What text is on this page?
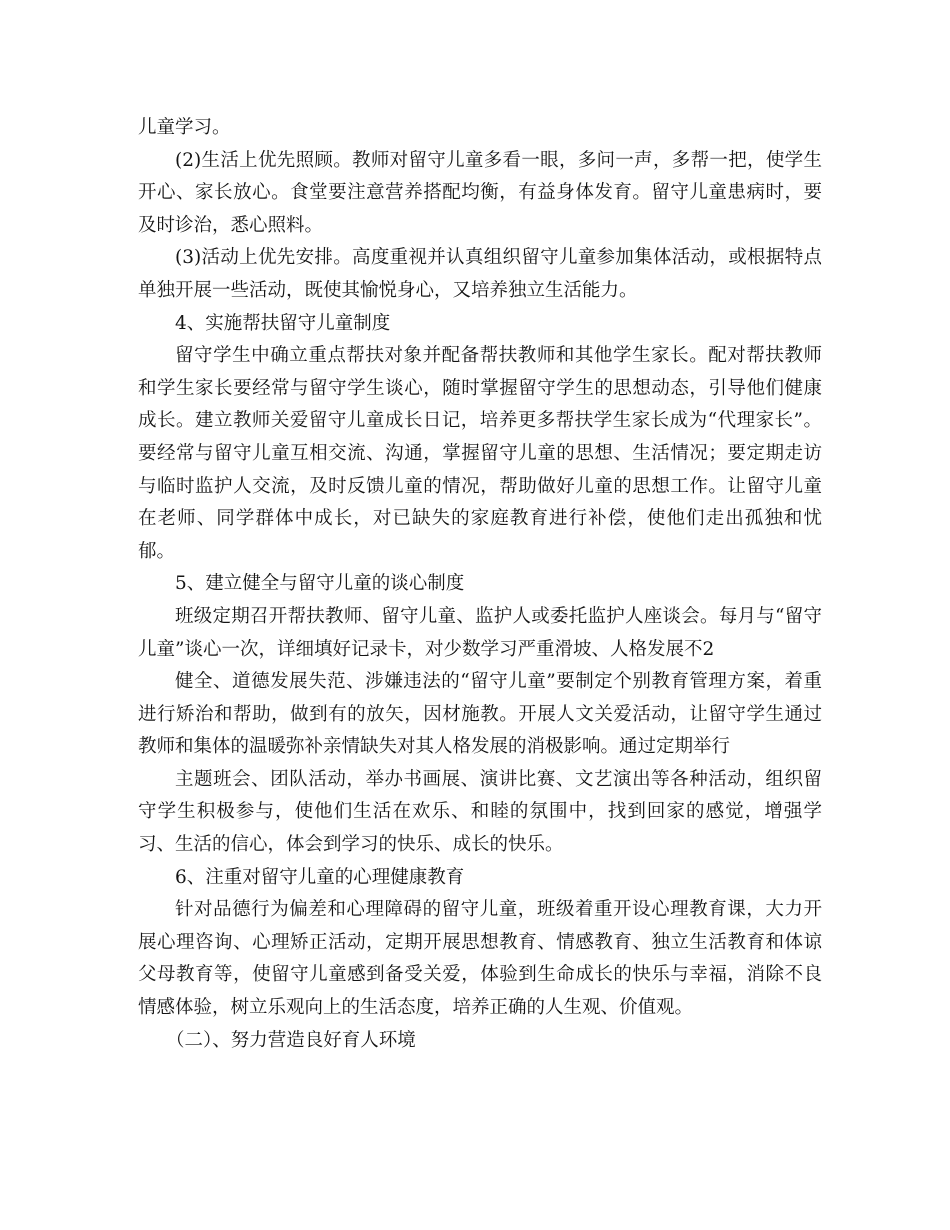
儿童学习。

(2)生活上优先照顾。教师对留守儿童多看一眼，多问一声，多帮一把，使学生开心、家长放心。食堂要注意营养搭配均衡，有益身体发育。留守儿童患病时，要及时诊治，悉心照料。

(3)活动上优先安排。高度重视并认真组织留守儿童参加集体活动，或根据特点单独开展一些活动，既使其愉悦身心，又培养独立生活能力。

4、实施帮扶留守儿童制度

留守学生中确立重点帮扶对象并配备帮扶教师和其他学生家长。配对帮扶教师和学生家长要经常与留守学生谈心，随时掌握留守学生的思想动态，引导他们健康成长。建立教师关爱留守儿童成长日记，培养更多帮扶学生家长成为“代理家长”。要经常与留守儿童互相交流、沟通，掌握留守儿童的思想、生活情况；要定期走访与临时监护人交流，及时反馈儿童的情况，帮助做好儿童的思想工作。让留守儿童在老师、同学群体中成长，对已缺失的家庭教育进行补偿，使他们走出孤独和忧郁。

5、建立健全与留守儿童的谈心制度

班级定期召开帮扶教师、留守儿童、监护人或委托监护人座谈会。每月与“留守儿童”谈心一次，详细填好记录卡，对少数学习严重滑坡、人格发展不2

健全、道德发展失范、涉嫌违法的“留守儿童”要制定个别教育管理方案，着重进行矫治和帮助，做到有的放矢，因材施教。开展人文关爱活动，让留守学生通过教师和集体的温暖弥补亲情缺失对其人格发展的消极影响。通过定期举行

主题班会、团队活动，举办书画展、演讲比赛、文艺演出等各种活动，组织留守学生积极参与，使他们生活在欢乐、和睦的氛围中，找到回家的感觉，增强学习、生活的信心，体会到学习的快乐、成长的快乐。

6、注重对留守儿童的心理健康教育

针对品德行为偏差和心理障碍的留守儿童，班级着重开设心理教育课，大力开展心理咨询、心理矫正活动，定期开展思想教育、情感教育、独立生活教育和体谅父母教育等，使留守儿童感到备受关爱，体验到生命成长的快乐与幸福，消除不良情感体验，树立乐观向上的生活态度，培养正确的人生观、价值观。

（二）、努力营造良好育人环境
